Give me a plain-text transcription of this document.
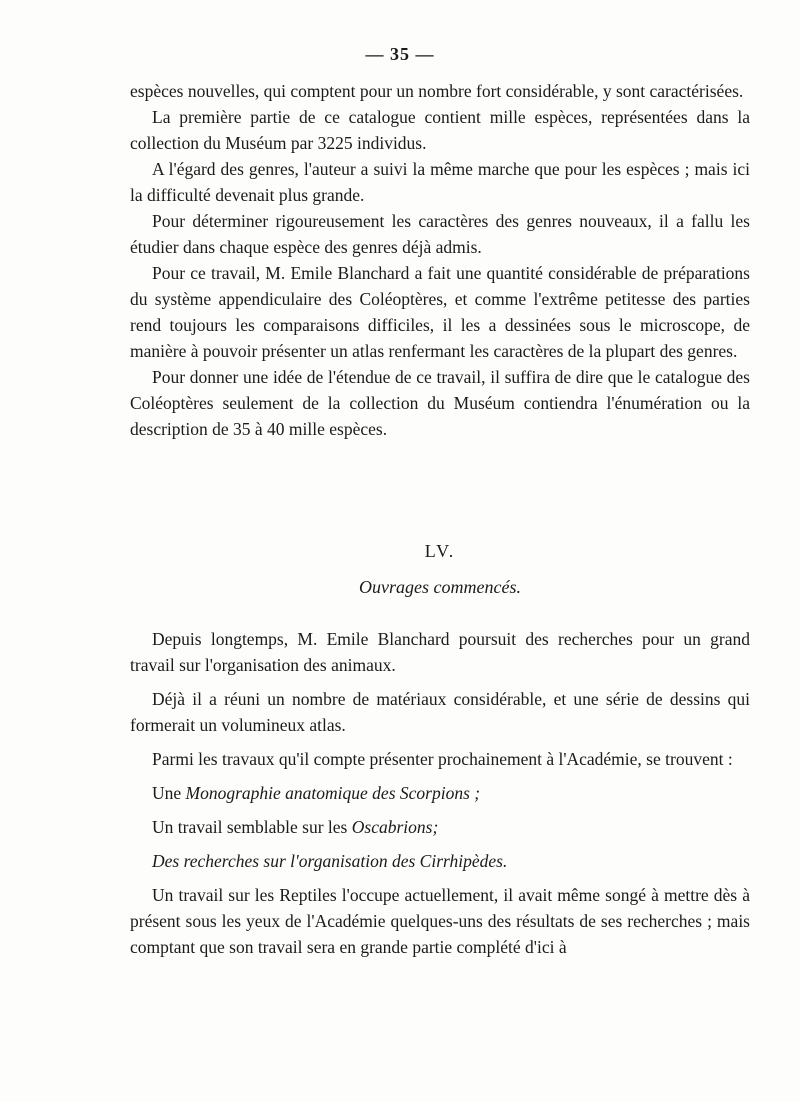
— 35 —

espèces nouvelles, qui comptent pour un nombre fort considérable, y sont caractérisées.

La première partie de ce catalogue contient mille espèces, représentées dans la collection du Muséum par 3225 individus.

A l'égard des genres, l'auteur a suivi la même marche que pour les espèces ; mais ici la difficulté devenait plus grande.

Pour déterminer rigoureusement les caractères des genres nouveaux, il a fallu les étudier dans chaque espèce des genres déjà admis.

Pour ce travail, M. Emile Blanchard a fait une quantité considérable de préparations du système appendiculaire des Coléoptères, et comme l'extrême petitesse des parties rend toujours les comparaisons difficiles, il les a dessinées sous le microscope, de manière à pouvoir présenter un atlas renfermant les caractères de la plupart des genres.

Pour donner une idée de l'étendue de ce travail, il suffira de dire que le catalogue des Coléoptères seulement de la collection du Muséum contiendra l'énumération ou la description de 35 à 40 mille espèces.

LV.
Ouvrages commencés.

Depuis longtemps, M. Emile Blanchard poursuit des recherches pour un grand travail sur l'organisation des animaux.

Déjà il a réuni un nombre de matériaux considérable, et une série de dessins qui formerait un volumineux atlas.

Parmi les travaux qu'il compte présenter prochainement à l'Académie, se trouvent :

Une Monographie anatomique des Scorpions ;

Un travail semblable sur les Oscabrions;

Des recherches sur l'organisation des Cirrhipèdes.

Un travail sur les Reptiles l'occupe actuellement, il avait même songé à mettre dès à présent sous les yeux de l'Académie quelques-uns des résultats de ses recherches ; mais comptant que son travail sera en grande partie complété d'ici à
